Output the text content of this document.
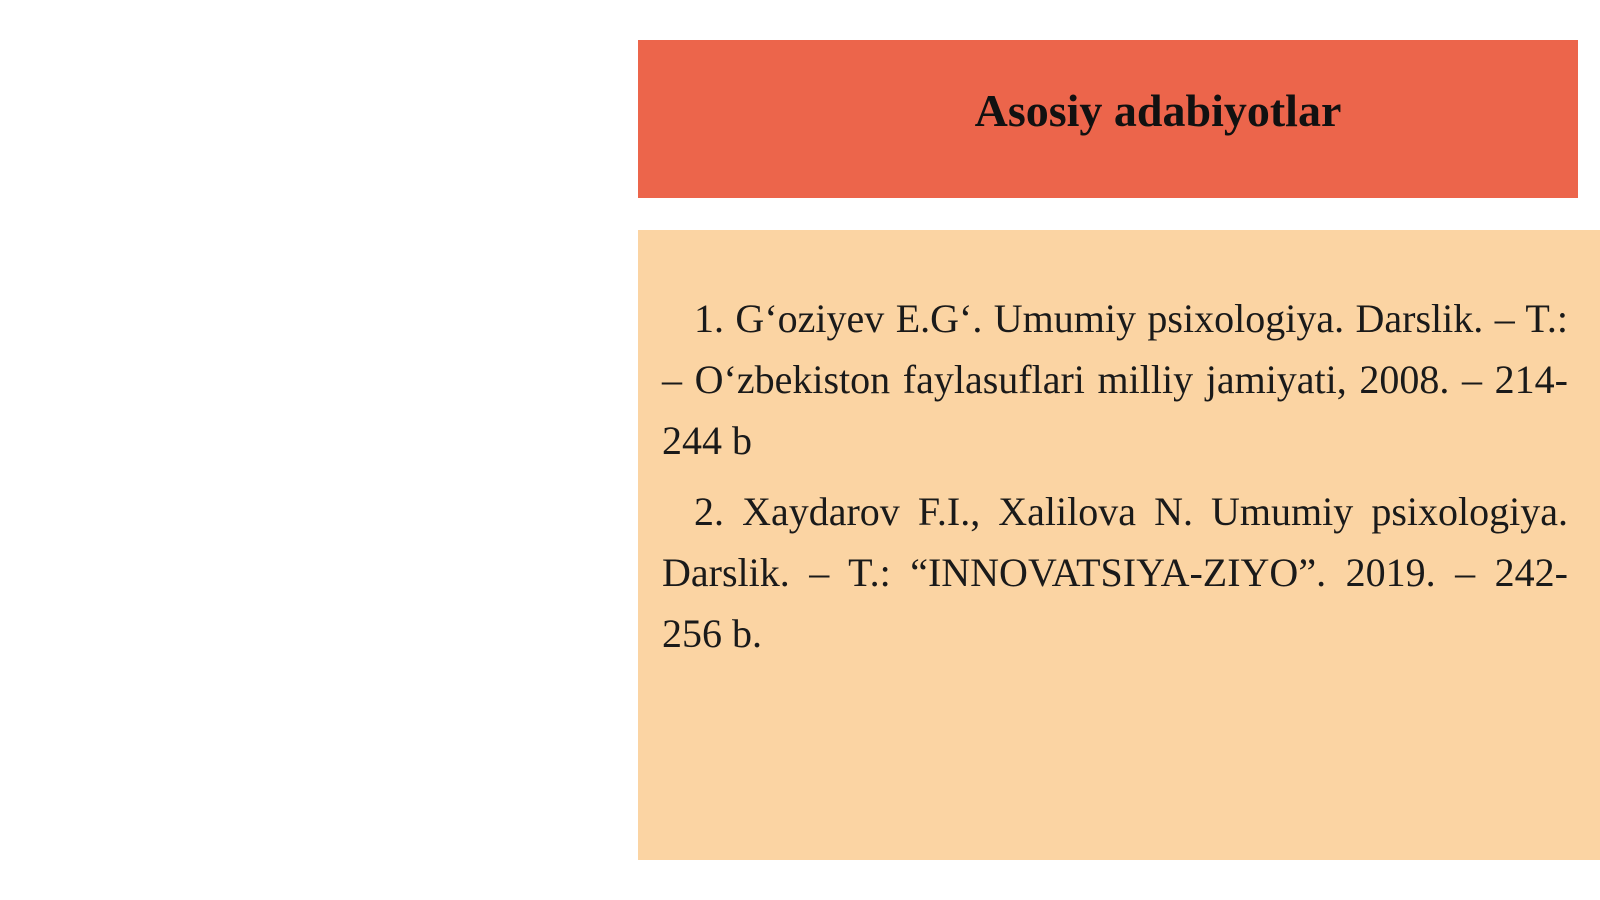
Asosiy adabiyotlar
1. G‘oziyev E.G‘. Umumiy psixologiya. Darslik. – T.: – O‘zbekiston faylasuflari milliy jamiyati, 2008. – 214-244 b
2. Xaydarov F.I., Xalilova N. Umumiy psixologiya. Darslik. – T.: “INNOVATSIYA-ZIYO”. 2019. – 242-256 b.
